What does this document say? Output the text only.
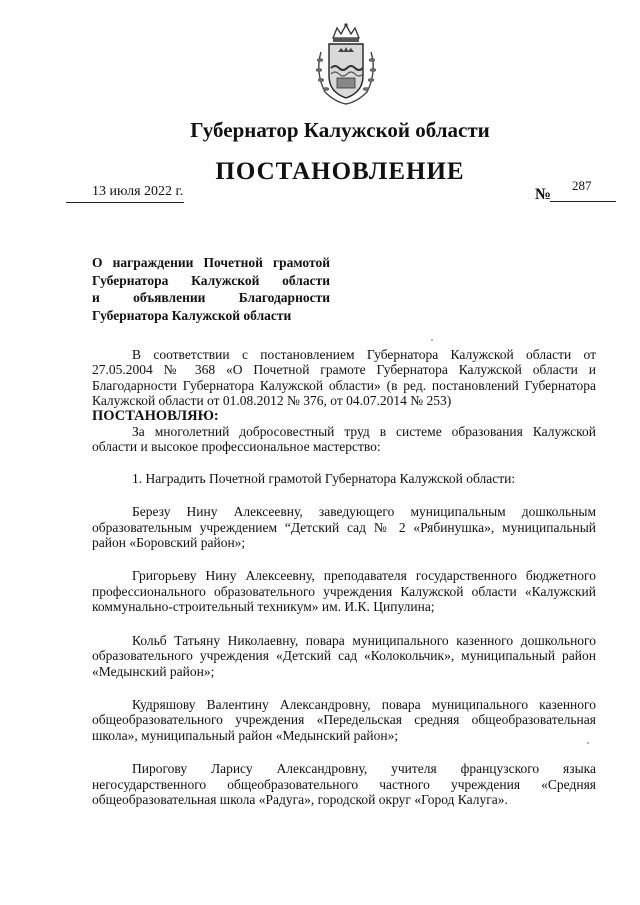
Губернатор Калужской области
ПОСТАНОВЛЕНИЕ
13 июля 2022 г.	№
287
О награждении Почетной грамотой
Губернатора Калужской области
и объявлении Благодарности
Губернатора Калужской области

В соответствии с постановлением Губернатора Калужской области от 27.05.2004 № 368 «О Почетной грамоте Губернатора Калужской области и Благодарности Губернатора Калужской области» (в ред. постановлений Губернатора Калужской области от 01.08.2012 № 376, от 04.07.2014 № 253)

ПОСТАНОВЛЯЮ:

За многолетний добросовестный труд в системе образования Калужской области и высокое профессиональное мастерство:

1. Наградить Почетной грамотой Губернатора Калужской области:

Березу Нину Алексеевну, заведующего муниципальным дошкольным образовательным учреждением “Детский сад № 2 «Рябинушка», муниципальный район «Боровский район»;

Григорьеву Нину Алексеевну, преподавателя государственного бюджетного профессионального образовательного учреждения Калужской области «Калужский коммунально-строительный техникум» им. И.К. Ципулина;

Кольб Татьяну Николаевну, повара муниципального казенного дошкольного образовательного учреждения «Детский сад «Колокольчик», муниципальный район «Медынский район»;

Кудряшову Валентину Александровну, повара муниципального казенного общеобразовательного учреждения «Передельская средняя общеобразовательная школа», муниципальный район «Медынский район»;

Пирогову Ларису Александровну, учителя французского языка негосударственного общеобразовательного частного учреждения «Средняя общеобразовательная школа «Радуга», городской округ «Город Калуга».
